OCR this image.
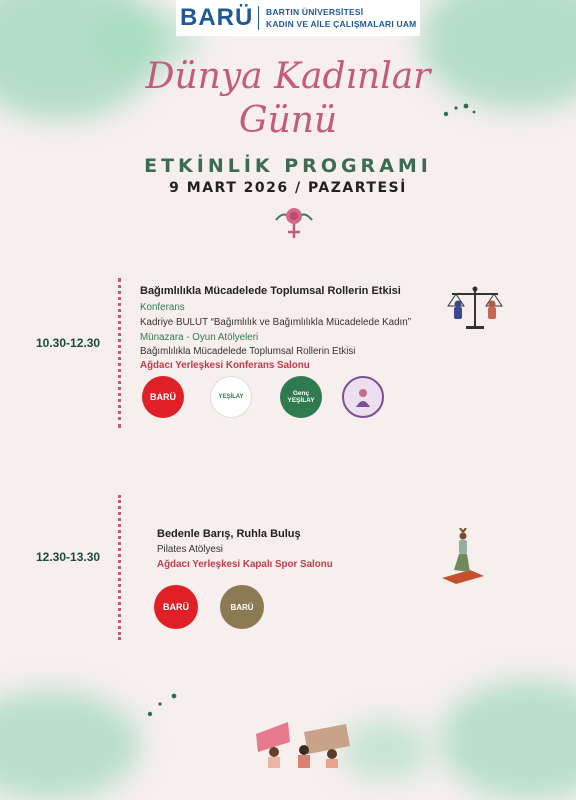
BARÜ BARTIN ÜNİVERSİTESİ
KADIN VE AİLE ÇALIŞMALARI UAM
Dünya Kadınlar
Günü
ETKİNLİK PROGRAMI
9 MART 2026 / PAZARTESİ
10.30-12.30
Bağımlılıkla Mücadelede Toplumsal Rollerin Etkisi
Konferans
Kadriye BULUT “Bağımlılık ve Bağımlılıkla Mücadelede Kadın”
Münazara - Oyun Atölyeleri
Bağımlılıkla Mücadelede Toplumsal Rollerin Etkisi
Ağdacı Yerleşkesi Konferans Salonu
BARÜ	YEŞİLAY	Genç YEŞİLAY
12.30-13.30
Bedenle Barış, Ruhla Buluş
Pilates Atölyesi
Ağdacı Yerleşkesi Kapalı Spor Salonu
BARÜ	BARÜ
